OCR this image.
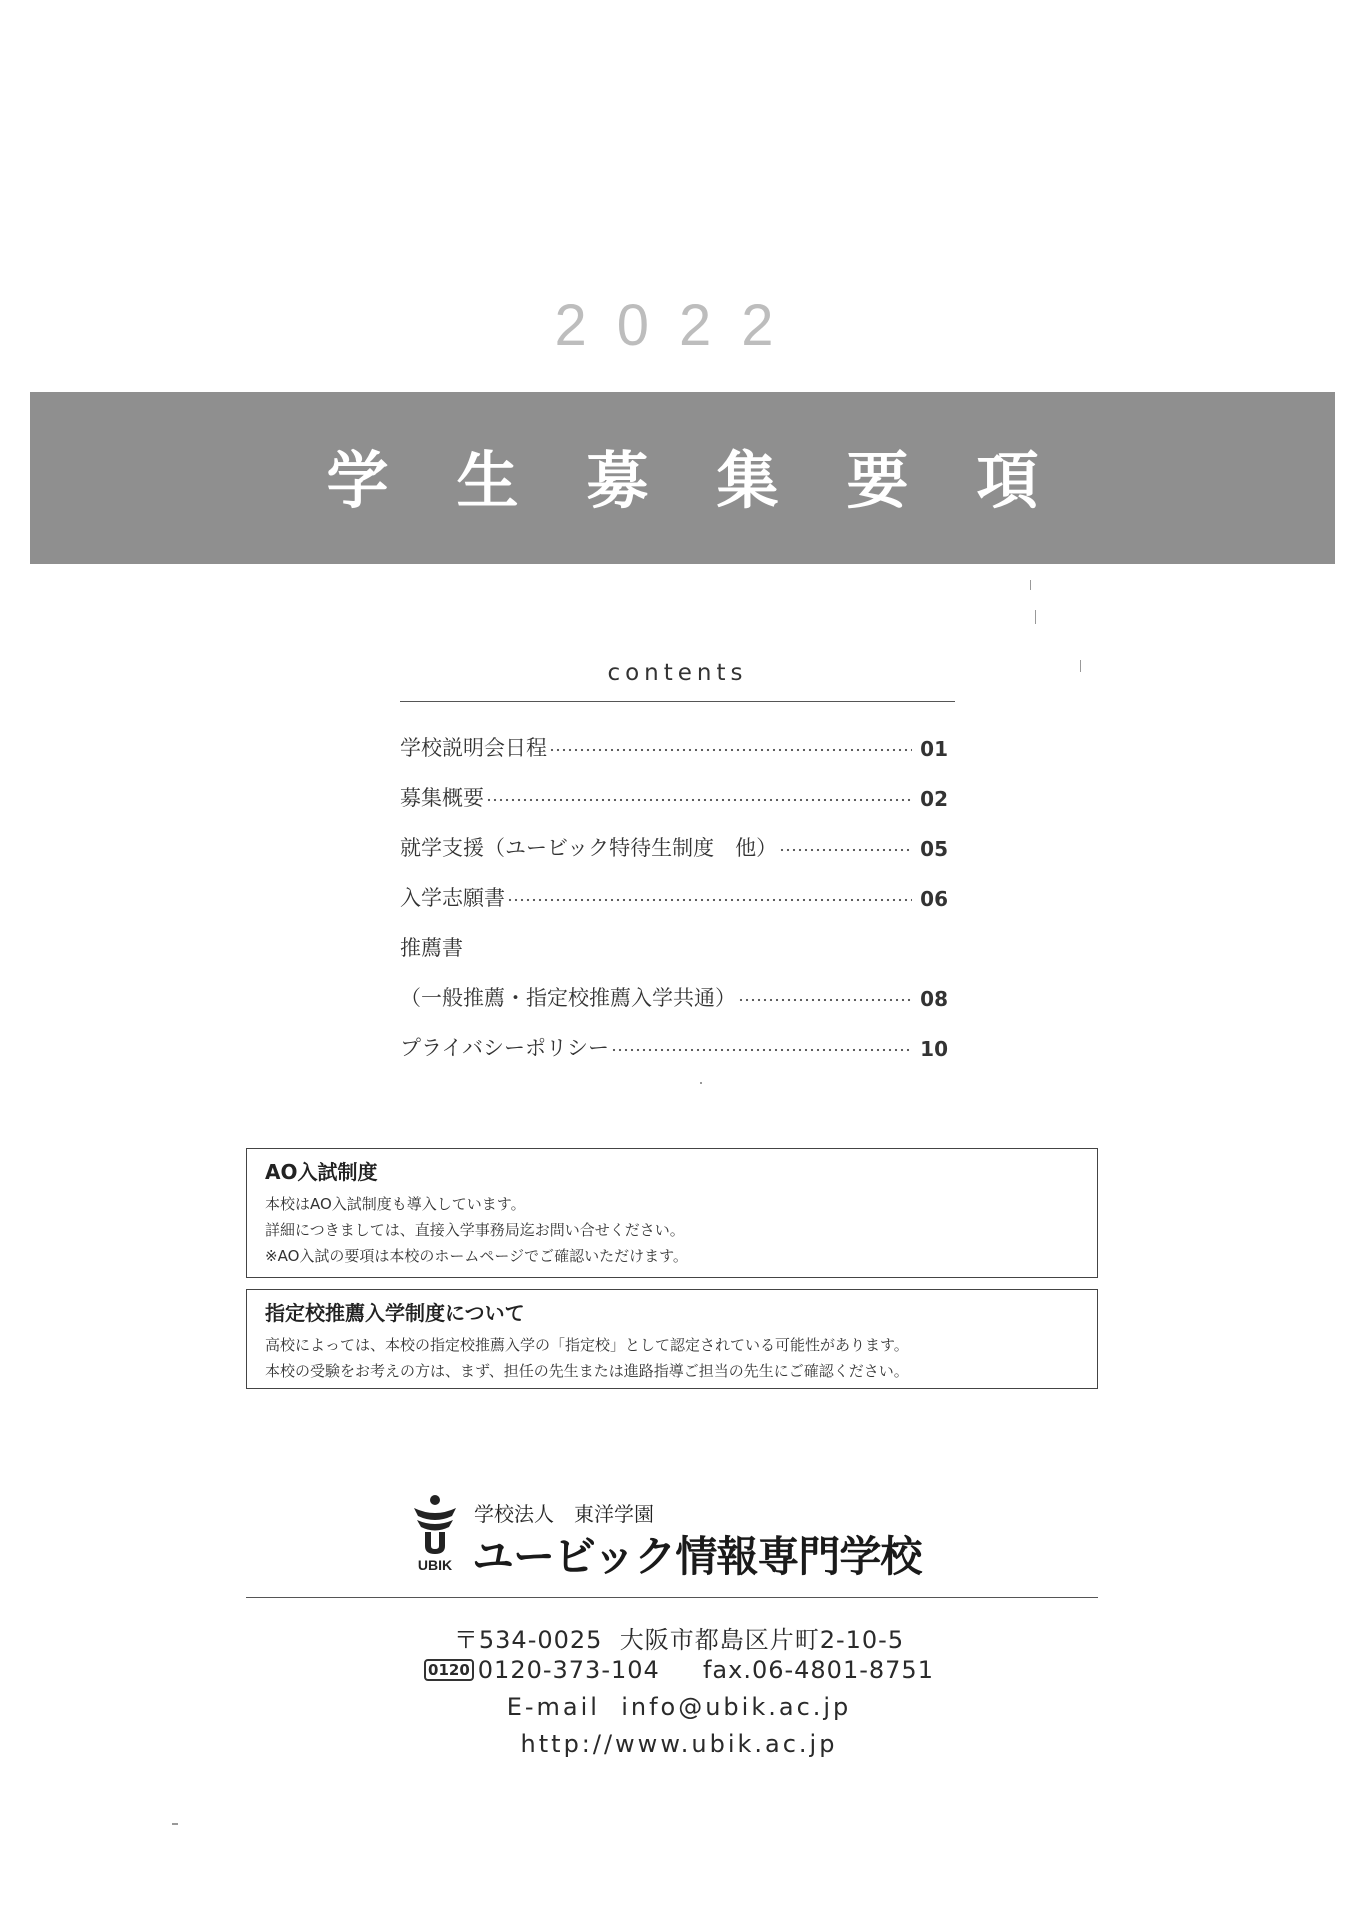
2022
学生募集要項
contents
学校説明会日程	01
募集概要	02
就学支援（ユービック特待生制度　他）	05
入学志願書	06
推薦書
（一般推薦・指定校推薦入学共通）	08
プライバシーポリシー	10
AO入試制度

本校はAO入試制度も導入しています。

詳細につきましては、直接入学事務局迄お問い合せください。

※AO入試の要項は本校のホームページでご確認いただけます。

指定校推薦入学制度について

高校によっては、本校の指定校推薦入学の「指定校」として認定されている可能性があります。

本校の受験をお考えの方は、まず、担任の先生または進路指導ご担当の先生にご確認ください。

UBIK
学校法人　東洋学園
ユービック情報専門学校
〒534-0025 大阪市都島区片町2-10-5
0120 0120-373-104 fax.06-4801-8751
E-mail  info@ubik.ac.jp
http://www.ubik.ac.jp
